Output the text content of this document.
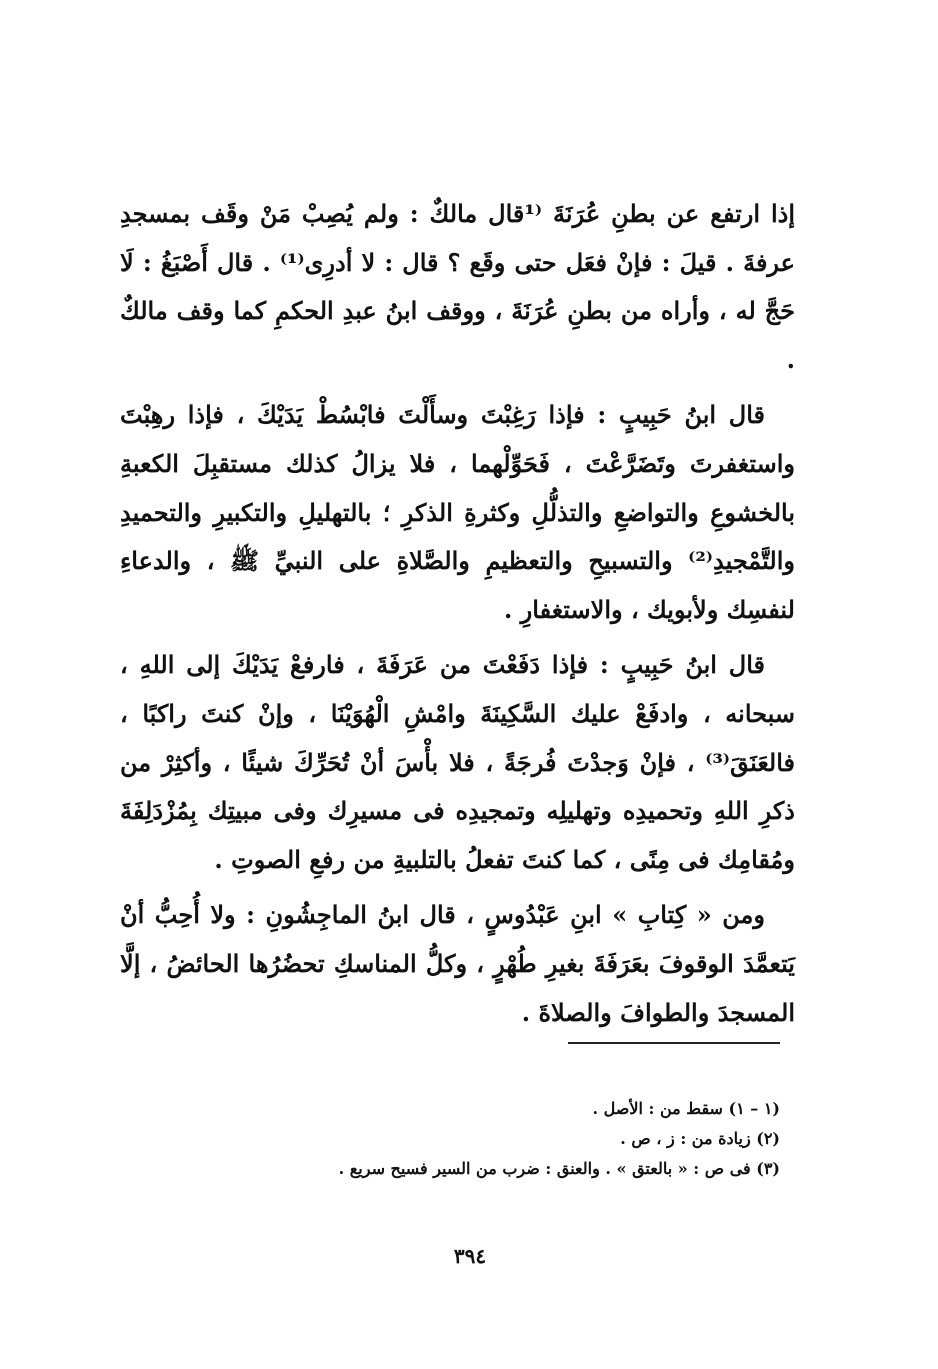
إذا ارتفع عن بطنِ عُرَنَةَ ⁽¹قال مالكٌ : ولم يُصِبْ مَنْ وقَف بمسجدِ عرفةَ . قيلَ : فإنْ فعَل حتى وقَع ؟ قال : لا أدرِى⁽¹⁾ . قال أَصْبَغُ : لَا حَجَّ له ، وأراه من بطنِ عُرَنَةَ ، ووقف ابنُ عبدِ الحكمِ كما وقف مالكٌ .

قال ابنُ حَبِيبٍ : فإذا رَغِبْتَ وسأَلْتَ فابْسُطْ يَدَيْكَ ، فإذا رهِبْتَ واستغفرتَ وتَضَرَّعْتَ ، فَحَوِّلْهما ، فلا يزالُ كذلك مستقبِلَ الكعبةِ بالخشوعِ والتواضعِ والتذلُّلِ وكثرةِ الذكرِ ؛ بالتهليلِ والتكبيرِ والتحميدِ والتَّمْجيدِ⁽²⁾ والتسبيحِ والتعظيمِ والصَّلاةِ على النبيِّ ﷺ ، والدعاءِ لنفسِك ولأبويك ، والاستغفارِ .

قال ابنُ حَبِيبٍ : فإذا دَفَعْتَ من عَرَفَةَ ، فارفعْ يَدَيْكَ إلى اللهِ ، سبحانه ، وادفَعْ عليك السَّكِينَةَ وامْشِ الْهُوَيْنَا ، وإنْ كنتَ راكبًا ، فالعَنَقَ⁽³⁾ ، فإنْ وَجدْتَ فُرجَةً ، فلا بأْسَ أنْ تُحَرِّكَ شيئًا ، وأكثِرْ من ذكرِ اللهِ وتحميدِه وتهليلِه وتمجيدِه فى مسيرِك وفى مبيتِك بِمُزْدَلِفَةَ ومُقامِك فى مِنًى ، كما كنتَ تفعلُ بالتلبيةِ من رفعِ الصوتِ .

ومن « كِتابِ » ابنِ عَبْدُوسٍ ، قال ابنُ الماجِشُونِ : ولا أُحِبُّ أنْ يَتعمَّدَ الوقوفَ بعَرَفَةَ بغيرِ طُهْرٍ ، وكلُّ المناسكِ تحضُرُها الحائضُ ، إلَّا المسجدَ والطوافَ والصلاةَ .

(١ – ١) سقط من : الأصل .

(٢) زيادة من : ز ، ص .

(٣) فى ص : « بالعتق » . والعنق : ضرب من السير فسيح سريع .

٣٩٤
